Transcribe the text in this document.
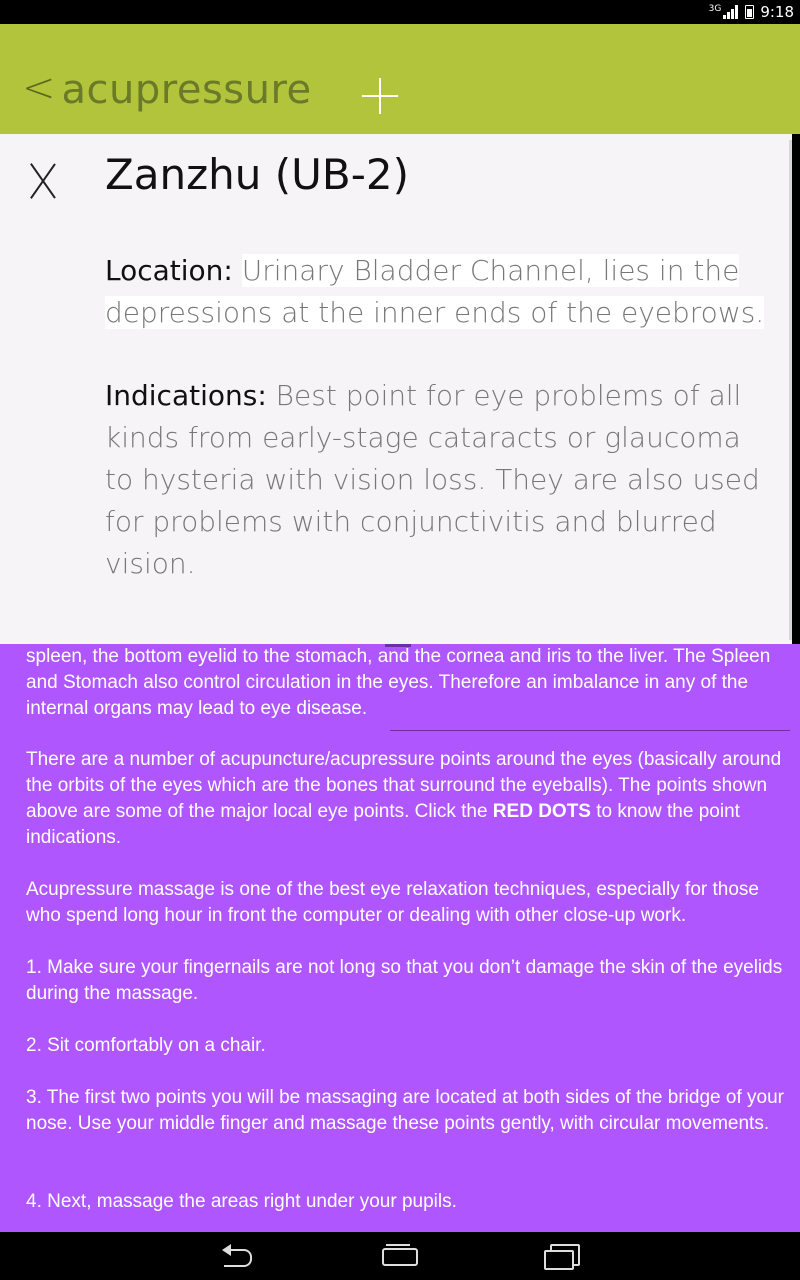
3G	9:18
< acupressure

spleen, the bottom eyelid to the stomach, and the cornea and iris to the liver. The Spleen and Stomach also control circulation in the eyes. Therefore an imbalance in any of the internal organs may lead to eye disease.

There are a number of acupuncture/acupressure points around the eyes (basically around the orbits of the eyes which are the bones that surround the eyeballs). The points shown above are some of the major local eye points. Click the RED DOTS to know the point indications.

Acupressure massage is one of the best eye relaxation techniques, especially for those who spend long hour in front the computer or dealing with other close-up work.

1. Make sure your fingernails are not long so that you don’t damage the skin of the eyelids during the massage.

2. Sit comfortably on a chair.

3. The first two points you will be massaging are located at both sides of the bridge of your nose. Use your middle finger and massage these points gently, with circular movements.

4. Next, massage the areas right under your pupils.

Zanzhu (UB-2)
Location: Urinary Bladder Channel, lies in the depressions at the inner ends of the eyebrows.
Indications: Best point for eye problems of all kinds from early-stage cataracts or glaucoma to hysteria with vision loss. They are also used for problems with conjunctivitis and blurred vision.
